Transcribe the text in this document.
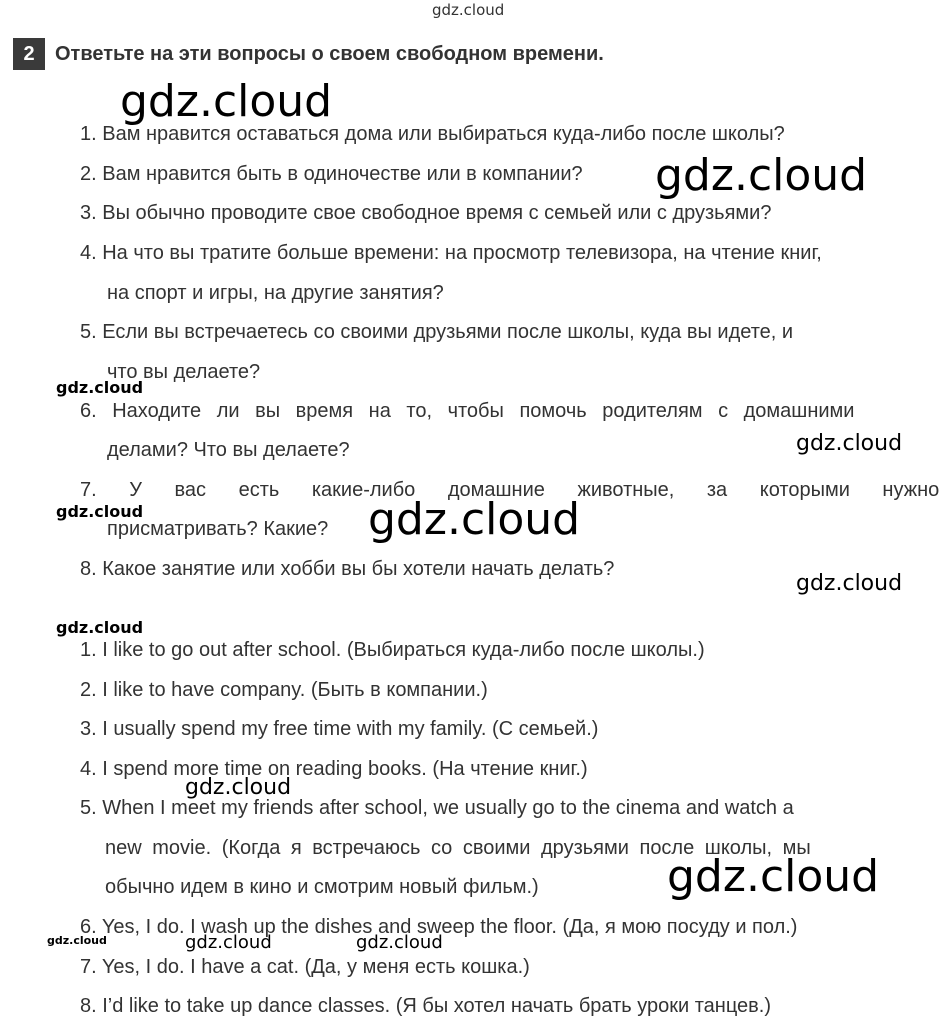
gdz.cloud
2	Ответьте на эти вопросы о своем свободном времени.
1. Вам нравится оставаться дома или выбираться куда-либо после школы?
2. Вам нравится быть в одиночестве или в компании?
3. Вы обычно проводите свое свободное время с семьей или с друзьями?
4. На что вы тратите больше времени: на просмотр телевизора, на чтение книг,
на спорт и игры, на другие занятия?
5. Если вы встречаетесь со своими друзьями после школы, куда вы идете, и
что вы делаете?
6. Находите ли вы время на то, чтобы помочь родителям с домашними
делами? Что вы делаете?
7. У вас есть какие-либо домашние животные, за которыми нужно
присматривать? Какие?
8. Какое занятие или хобби вы бы хотели начать делать?
1. I like to go out after school. (Выбираться куда-либо после школы.)
2. I like to have company. (Быть в компании.)
3. I usually spend my free time with my family. (С семьей.)
4. I spend more time on reading books. (На чтение книг.)
5. When I meet my friends after school, we usually go to the cinema and watch a
new movie. (Когда я встречаюсь со своими друзьями после школы, мы
обычно идем в кино и смотрим новый фильм.)
6. Yes, I do. I wash up the dishes and sweep the floor. (Да, я мою посуду и пол.)
7. Yes, I do. I have a cat. (Да, у меня есть кошка.)
8. I’d like to take up dance classes. (Я бы хотел начать брать уроки танцев.)
gdz.cloud
gdz.cloud
gdz.cloud
gdz.cloud
gdz.cloud	gdz.cloud
gdz.cloud
gdz.cloud
gdz.cloud
gdz.cloud
gdz.cloud	gdz.cloud	gdz.cloud
